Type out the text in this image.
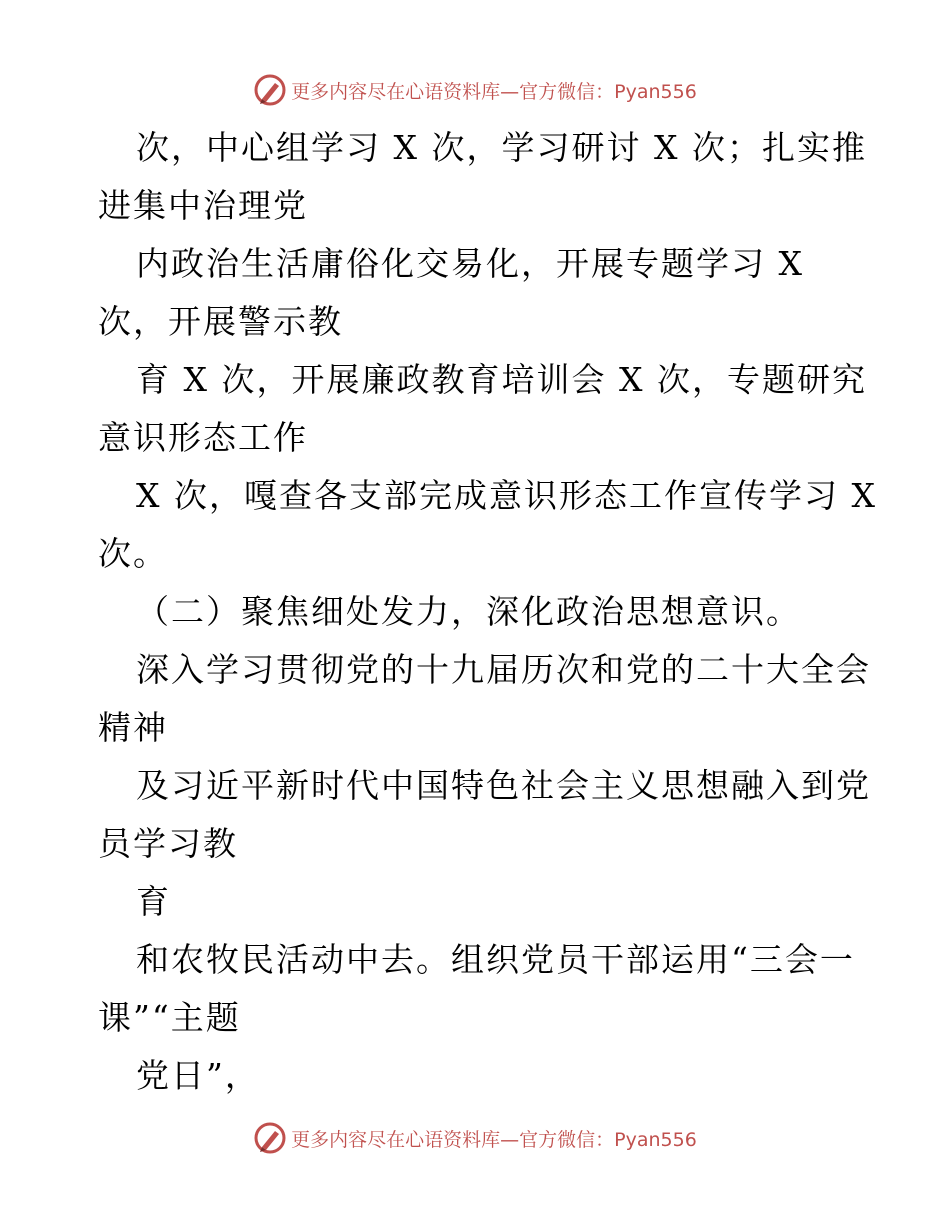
更多内容尽在心语资料库—官方微信：Pyan556
次，中心组学习 X 次，学习研讨 X 次；扎实推
进集中治理党
内政治生活庸俗化交易化，开展专题学习 X
次，开展警示教
育 X 次，开展廉政教育培训会 X 次，专题研究
意识形态工作
X 次，嘎查各支部完成意识形态工作宣传学习 X
次。
（二）聚焦细处发力，深化政治思想意识。
深入学习贯彻党的十九届历次和党的二十大全会
精神
及习近平新时代中国特色社会主义思想融入到党
员学习教
育
和农牧民活动中去。组织党员干部运用“三会一
课”“主题
党日”，
更多内容尽在心语资料库—官方微信：Pyan556
